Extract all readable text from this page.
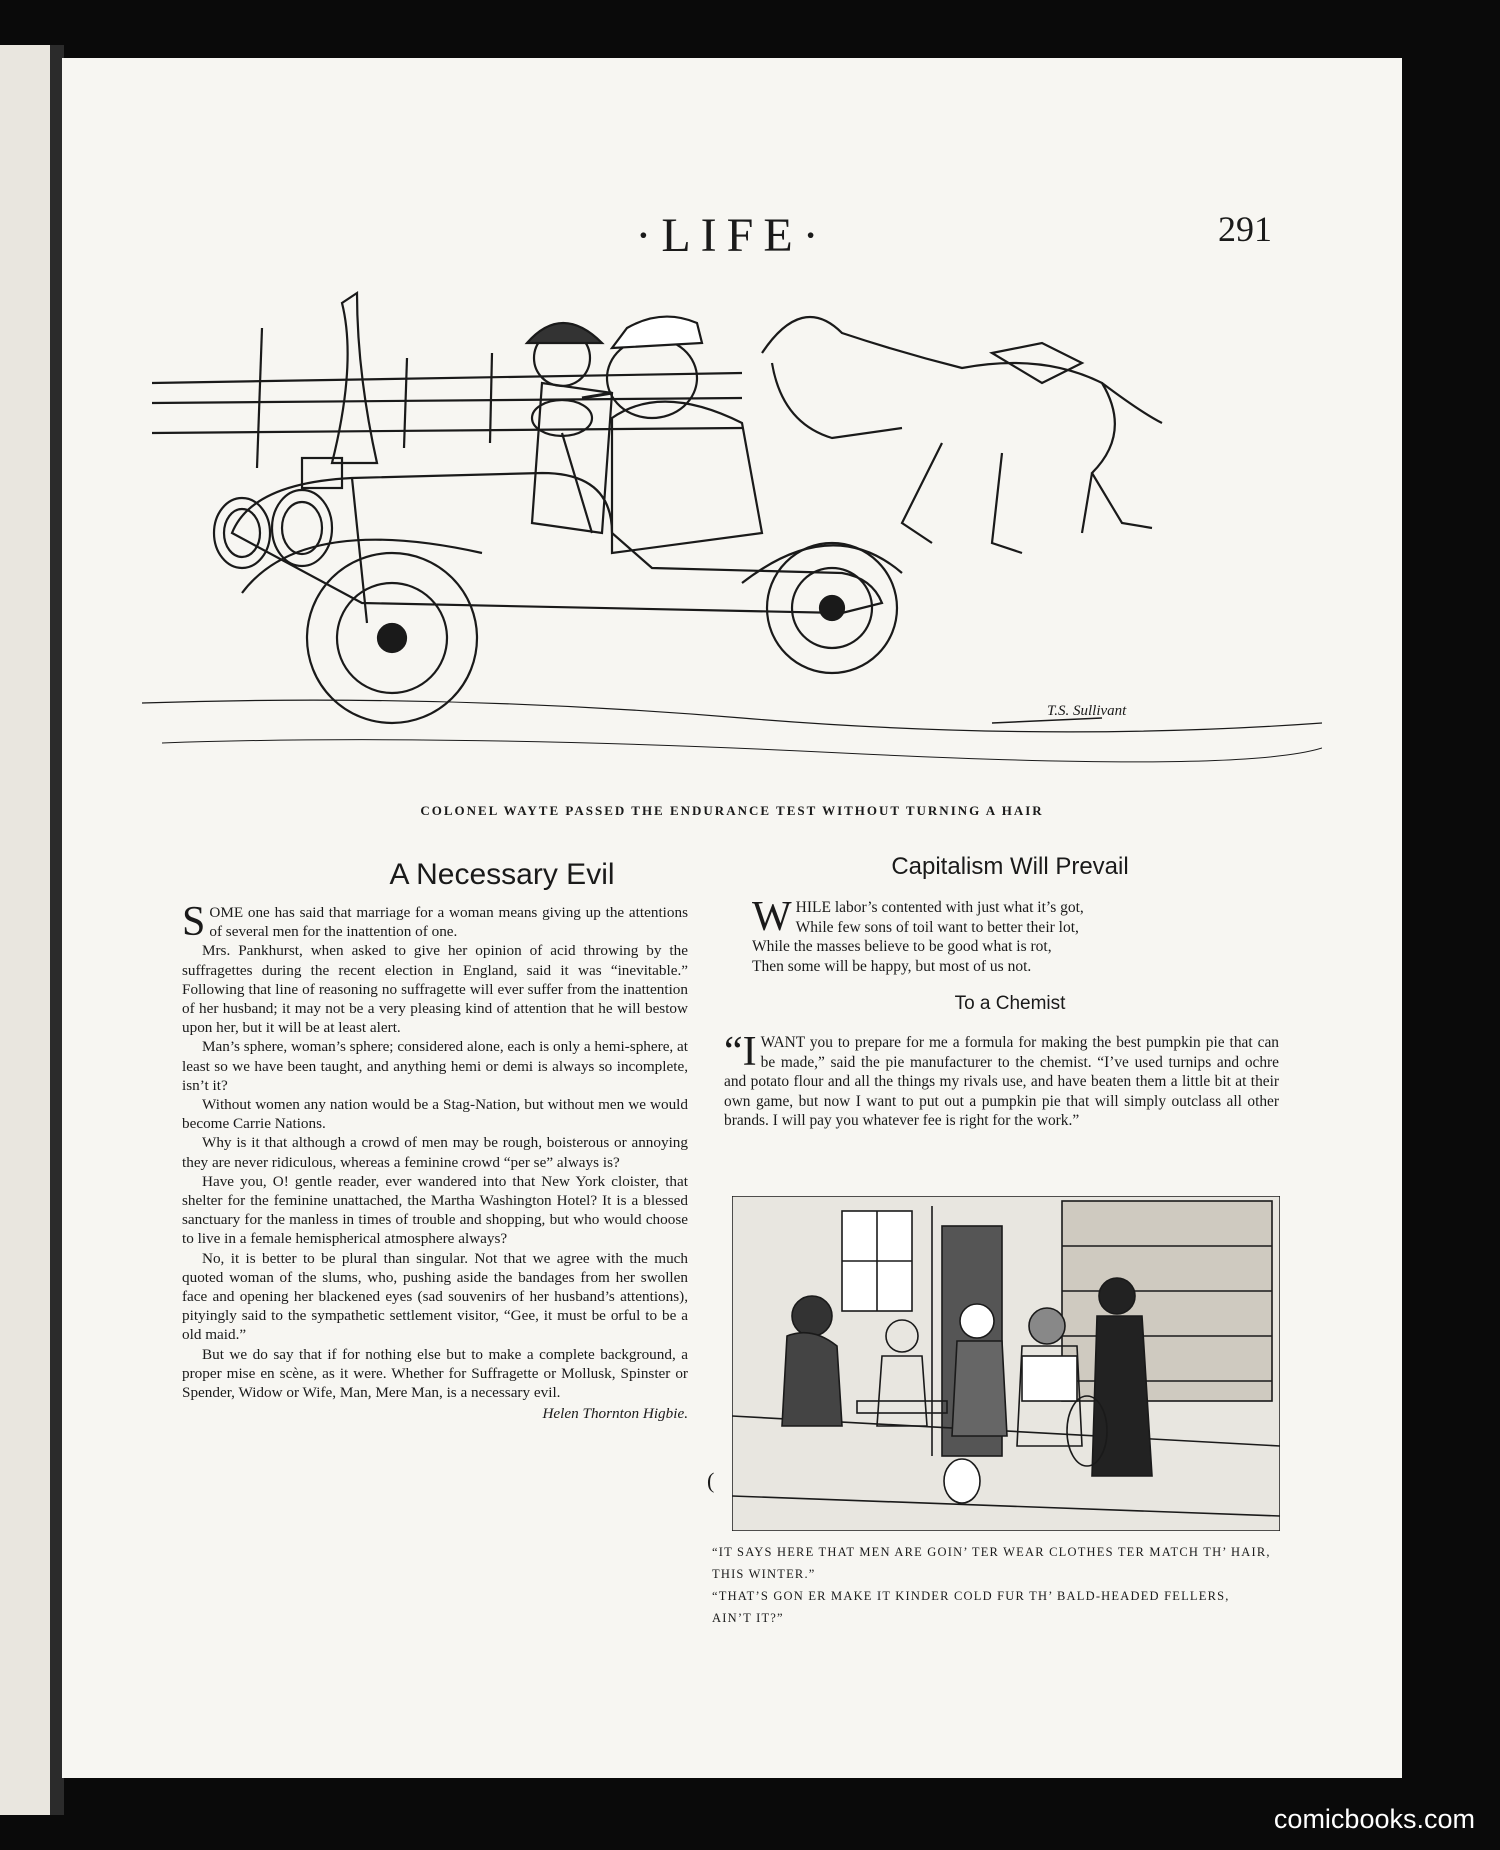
·LIFE·	291
T.S. Sullivant
COLONEL WAYTE PASSED THE ENDURANCE TEST WITHOUT TURNING A HAIR
A Necessary Evil

SOME one has said that marriage for a woman means giving up the attentions of several men for the inattention of one.

Mrs. Pankhurst, when asked to give her opinion of acid throwing by the suffragettes during the recent election in England, said it was “inevitable.” Following that line of reasoning no suffragette will ever suffer from the inattention of her husband; it may not be a very pleasing kind of attention that he will bestow upon her, but it will be at least alert.

Man’s sphere, woman’s sphere; considered alone, each is only a hemi-sphere, at least so we have been taught, and anything hemi or demi is always so incomplete, isn’t it?

Without women any nation would be a Stag-Nation, but without men we would become Carrie Nations.

Why is it that although a crowd of men may be rough, boisterous or annoying they are never ridiculous, whereas a feminine crowd “per se” always is?

Have you, O! gentle reader, ever wandered into that New York cloister, that shelter for the feminine unattached, the Martha Washington Hotel? It is a blessed sanctuary for the manless in times of trouble and shopping, but who would choose to live in a female hemispherical atmosphere always?

No, it is better to be plural than singular. Not that we agree with the much quoted woman of the slums, who, pushing aside the bandages from her swollen face and opening her blackened eyes (sad souvenirs of her husband’s attentions), pityingly said to the sympathetic settlement visitor, “Gee, it must be orful to be a old maid.”

But we do say that if for nothing else but to make a complete background, a proper mise en scène, as it were. Whether for Suffragette or Mollusk, Spinster or Spender, Widow or Wife, Man, Mere Man, is a necessary evil.

Helen Thornton Higbie.
(
Capitalism Will Prevail
W HILE labor’s contented with just what it’s got,
While few sons of toil want to better their lot,
While the masses believe to be good what is rot,
Then some will be happy, but most of us not.
To a Chemist

“IWANT you to prepare for me a formula for making the best pumpkin pie that can be made,” said the pie manufacturer to the chemist. “I’ve used turnips and ochre and potato flour and all the things my rivals use, and have beaten them a little bit at their own game, but now I want to put out a pumpkin pie that will simply outclass all other brands. I will pay you whatever fee is right for the work.”

“IT SAYS HERE THAT MEN ARE GOIN’ TER WEAR CLOTHES TER MATCH TH’ HAIR, THIS WINTER.”
“THAT’S GON ER MAKE IT KINDER COLD FUR TH’ BALD-HEADED FELLERS, AIN’T IT?”
comicbooks.com
